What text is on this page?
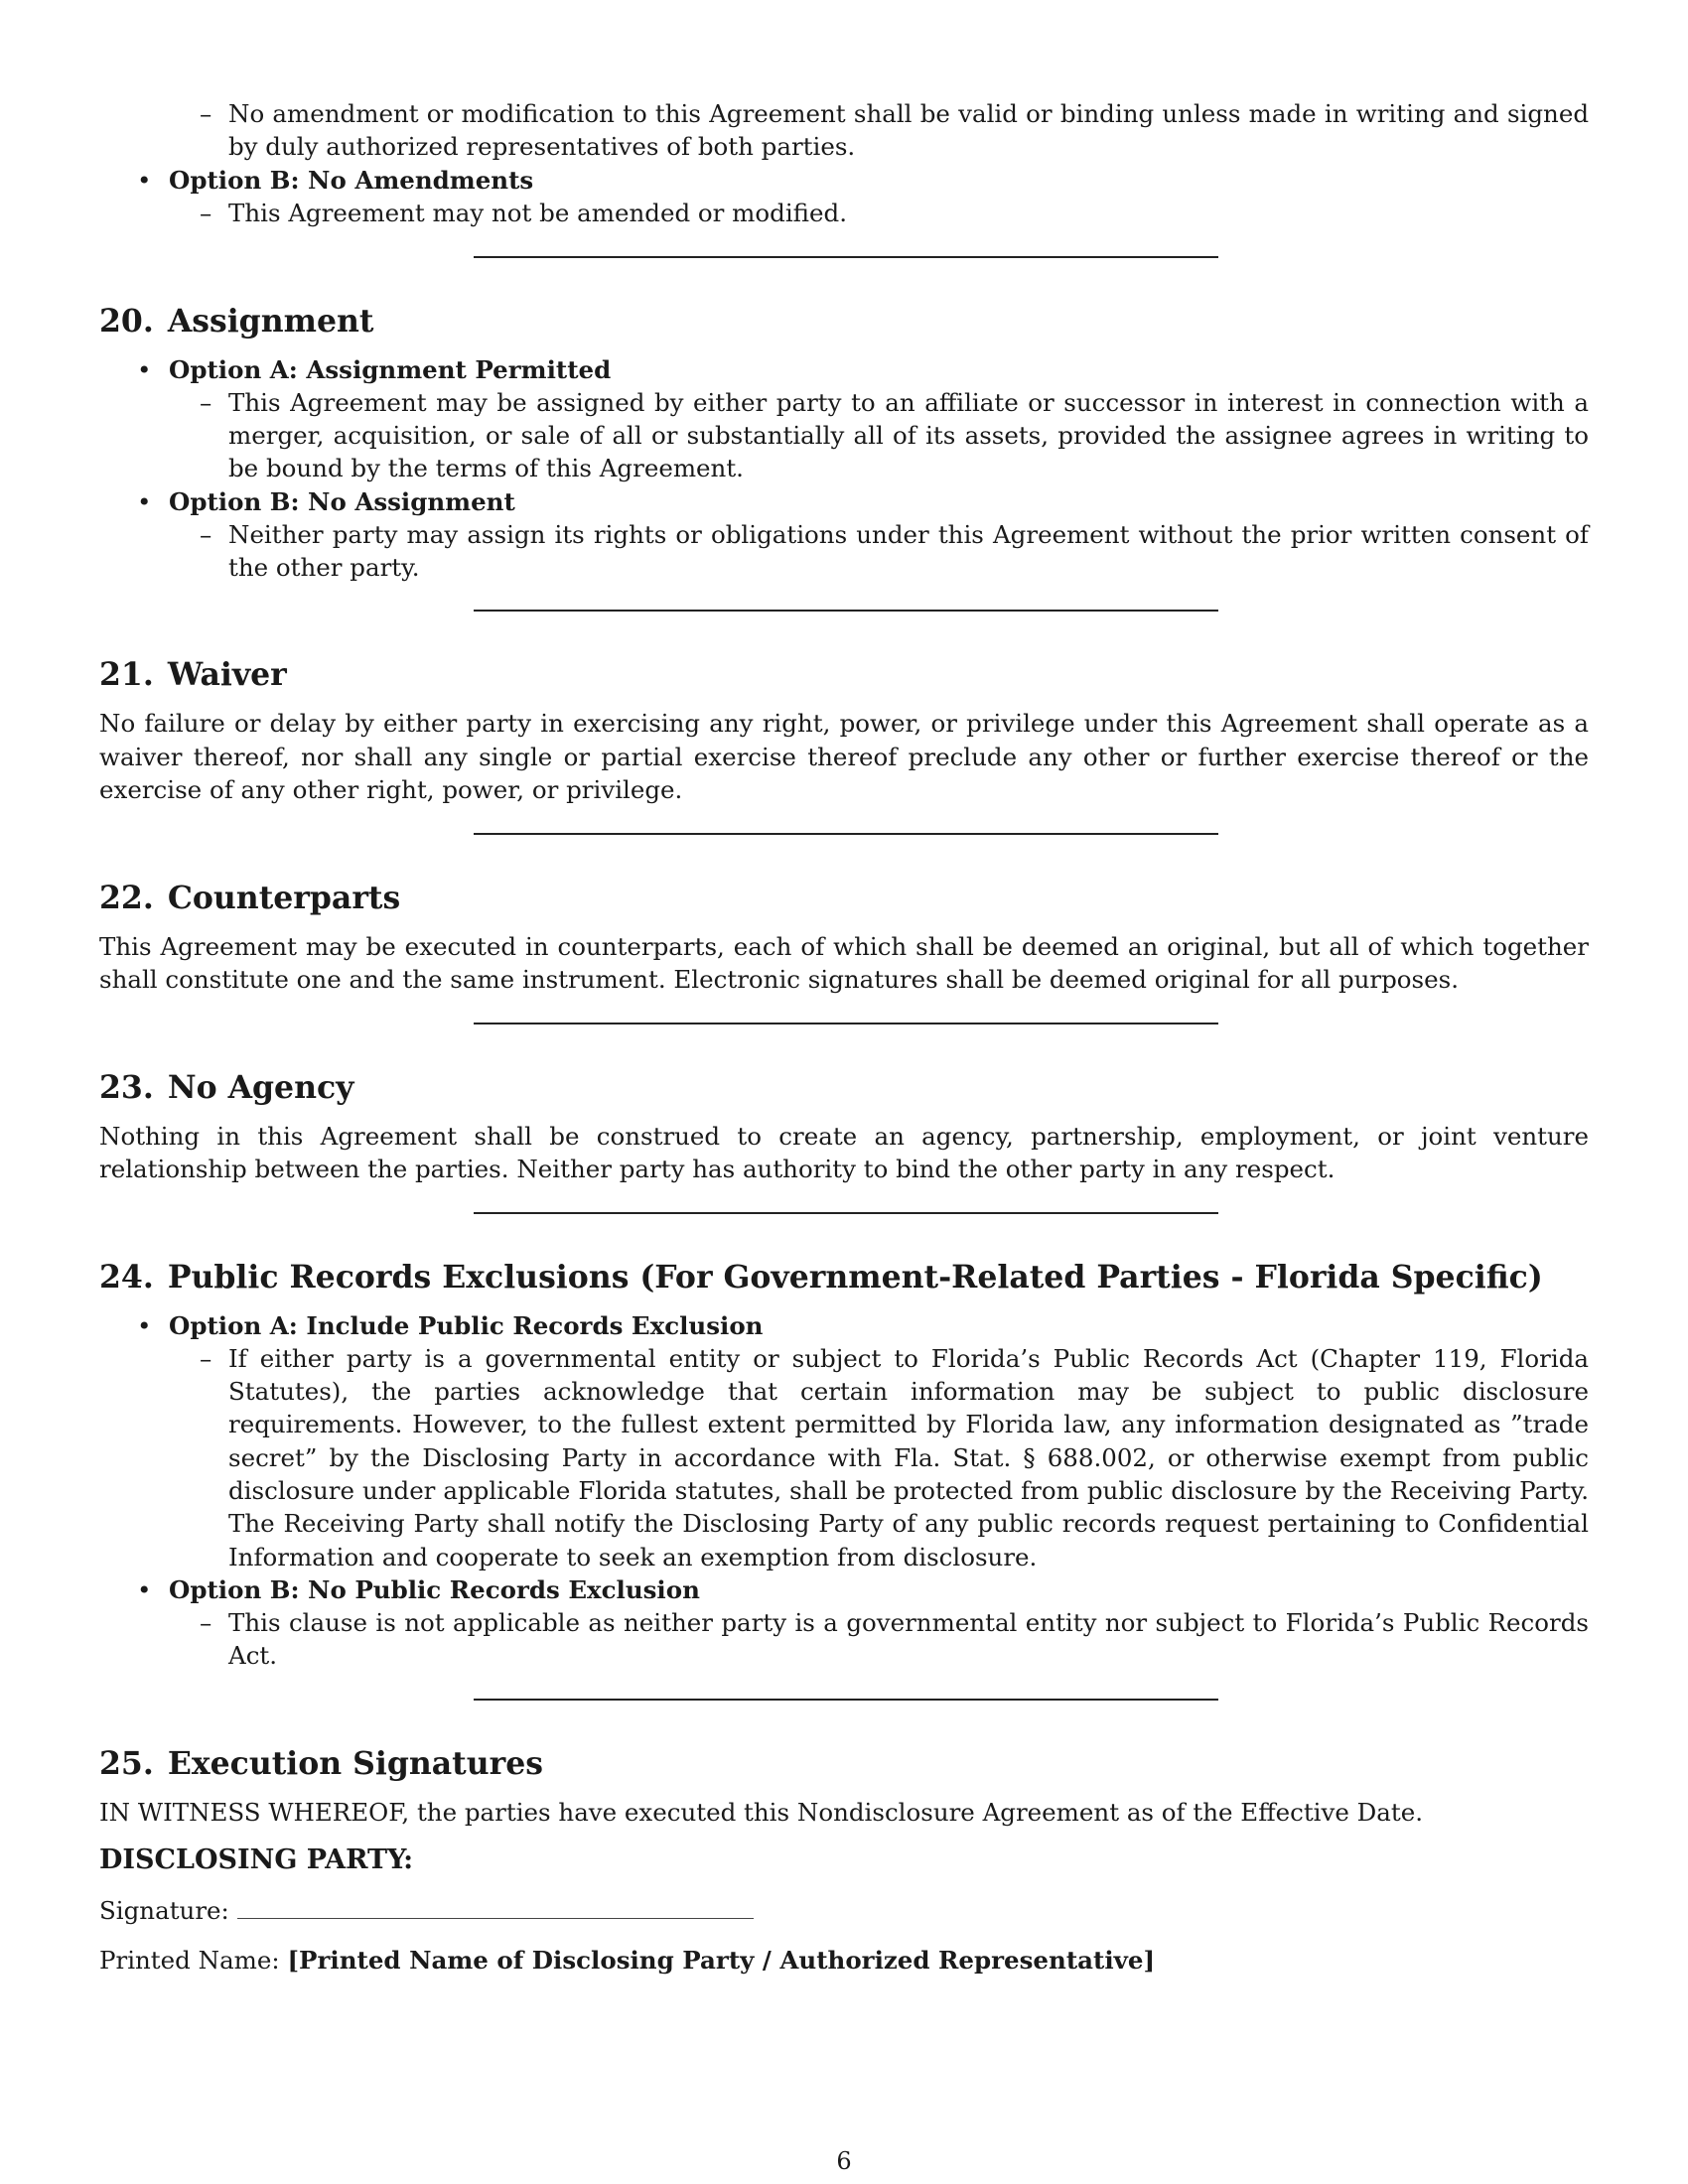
– No amendment or modification to this Agreement shall be valid or binding unless made in writing and signed by duly authorized representatives of both parties.
• Option B: No Amendments
– This Agreement may not be amended or modified.
20. Assignment
• Option A: Assignment Permitted
– This Agreement may be assigned by either party to an affiliate or successor in interest in connection with a merger, acquisition, or sale of all or substantially all of its assets, provided the assignee agrees in writing to be bound by the terms of this Agreement.
• Option B: No Assignment
– Neither party may assign its rights or obligations under this Agreement without the prior written consent of the other party.
21. Waiver

No failure or delay by either party in exercising any right, power, or privilege under this Agreement shall operate as a waiver thereof, nor shall any single or partial exercise thereof preclude any other or further exercise thereof or the exercise of any other right, power, or privilege.

22. Counterparts

This Agreement may be executed in counterparts, each of which shall be deemed an original, but all of which together shall constitute one and the same instrument. Electronic signatures shall be deemed original for all purposes.

23. No Agency

Nothing in this Agreement shall be construed to create an agency, partnership, employment, or joint venture relationship between the parties. Neither party has authority to bind the other party in any respect.

24. Public Records Exclusions (For Government-Related Parties - Florida Specific)
• Option A: Include Public Records Exclusion
– If either party is a governmental entity or subject to Florida’s Public Records Act (Chapter 119, Florida Statutes), the parties acknowledge that certain information may be subject to public disclosure requirements. However, to the fullest extent permitted by Florida law, any information designated as ”trade secret” by the Disclosing Party in accordance with Fla. Stat. § 688.002, or otherwise exempt from public disclosure under applicable Florida statutes, shall be protected from public disclosure by the Receiving Party. The Receiving Party shall notify the Disclosing Party of any public records request pertaining to Confidential Information and cooperate to seek an exemption from disclosure.
• Option B: No Public Records Exclusion
– This clause is not applicable as neither party is a governmental entity nor subject to Florida’s Public Records Act.
25. Execution Signatures

IN WITNESS WHEREOF, the parties have executed this Nondisclosure Agreement as of the Effective Date.

DISCLOSING PARTY:
Signature:
Printed Name: [Printed Name of Disclosing Party / Authorized Representative]
6
